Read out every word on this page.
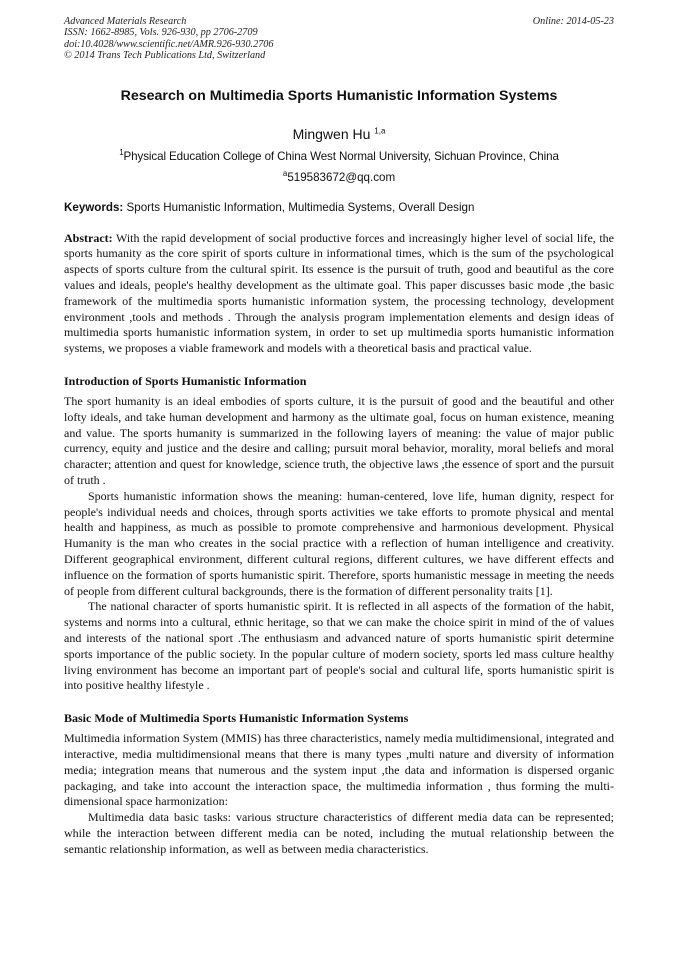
Advanced Materials Research
ISSN: 1662-8985, Vols. 926-930, pp 2706-2709
doi:10.4028/www.scientific.net/AMR.926-930.2706
© 2014 Trans Tech Publications Ltd, Switzerland
Online: 2014-05-23
Research on Multimedia Sports Humanistic Information Systems
Mingwen Hu $^{1,a}$
$^1$Physical Education College of China West Normal University, Sichuan Province, China
$^a$519583672@qq.com
Keywords: Sports Humanistic Information, Multimedia Systems, Overall Design
Abstract: With the rapid development of social productive forces and increasingly higher level of social life, the sports humanity as the core spirit of sports culture in informational times, which is the sum of the psychological aspects of sports culture from the cultural spirit. Its essence is the pursuit of truth, good and beautiful as the core values and ideals, people's healthy development as the ultimate goal. This paper discusses basic mode ,the basic framework of the multimedia sports humanistic information system, the processing technology, development environment ,tools and methods . Through the analysis program implementation elements and design ideas of multimedia sports humanistic information system, in order to set up multimedia sports humanistic information systems, we proposes a viable framework and models with a theoretical basis and practical value.
Introduction of Sports Humanistic Information

The sport humanity is an ideal embodies of sports culture, it is the pursuit of good and the beautiful and other lofty ideals, and take human development and harmony as the ultimate goal, focus on human existence, meaning and value. The sports humanity is summarized in the following layers of meaning: the value of major public currency, equity and justice and the desire and calling; pursuit moral behavior, morality, moral beliefs and moral character; attention and quest for knowledge, science truth, the objective laws ,the essence of sport and the pursuit of truth .

Sports humanistic information shows the meaning: human-centered, love life, human dignity, respect for people's individual needs and choices, through sports activities we take efforts to promote physical and mental health and happiness, as much as possible to promote comprehensive and harmonious development. Physical Humanity is the man who creates in the social practice with a reflection of human intelligence and creativity. Different geographical environment, different cultural regions, different cultures, we have different effects and influence on the formation of sports humanistic spirit. Therefore, sports humanistic message in meeting the needs of people from different cultural backgrounds, there is the formation of different personality traits [1].

The national character of sports humanistic spirit. It is reflected in all aspects of the formation of the habit, systems and norms into a cultural, ethnic heritage, so that we can make the choice spirit in mind of the of values and interests of the national sport .The enthusiasm and advanced nature of sports humanistic spirit determine sports importance of the public society. In the popular culture of modern society, sports led mass culture healthy living environment has become an important part of people's social and cultural life, sports humanistic spirit is into positive healthy lifestyle .

Basic Mode of Multimedia Sports Humanistic Information Systems

Multimedia information System (MMIS) has three characteristics, namely media multidimensional, integrated and interactive, media multidimensional means that there is many types ,multi nature and diversity of information media; integration means that numerous and the system input ,the data and information is dispersed organic packaging, and take into account the interaction space, the multimedia information , thus forming the multi-dimensional space harmonization:

Multimedia data basic tasks: various structure characteristics of different media data can be represented; while the interaction between different media can be noted, including the mutual relationship between the semantic relationship information, as well as between media characteristics.
